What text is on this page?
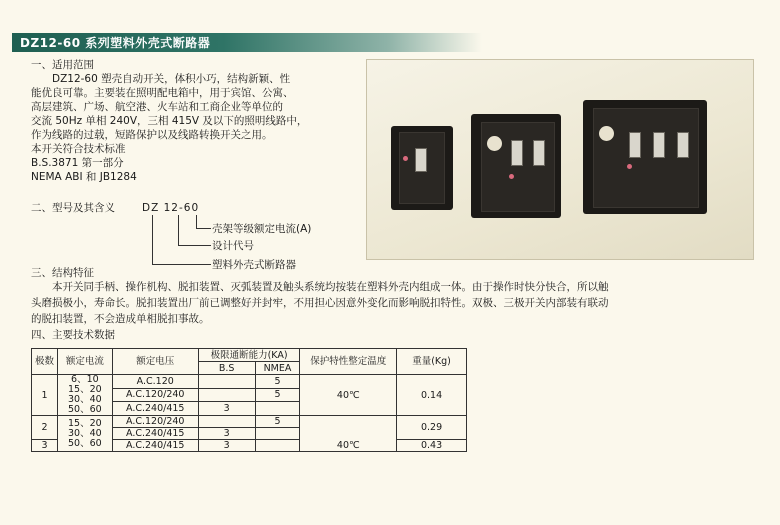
DZ12-60 系列塑料外壳式断路器
一、适用范围
　　DZ12-60 塑壳自动开关，体积小巧，结构新颖、性
能优良可靠。主要装在照明配电箱中，用于宾馆、公寓、
高层建筑、广场、航空港、火车站和工商企业等单位的
交流 50Hz 单相 240V，三相 415V 及以下的照明线路中，
作为线路的过载，短路保护以及线路转换开关之用。
本开关符合技术标准
B.S.3871 第一部分
NEMA ABI 和 JB1284
二、型号及其含义	DZ 12-60
壳架等级额定电流(A)
设计代号
塑料外壳式断路器
三、结构特征
　　本开关同手柄、操作机构、脱扣装置、灭弧装置及触头系统均按装在塑料外壳内组成一体。由于操作时快分快合，所以触
头磨损极小，寿命长。脱扣装置出厂前已调整好并封牢，不用担心因意外变化而影响脱扣特性。双极、三极开关内部装有联动
的脱扣装置，不会造成单相脱扣事故。
四、主要技术数据
极数	额定电流	额定电压	极限通断能力(KA)		保护特性整定温度	重量(Kg)
			B.S	NMEA		
1	6、10
15、20
30、40
50、60	A.C.120		5	40℃	0.14
		A.C.120/240		5		
		A.C.240/415	3			
2	15、20
30、40
50、60	A.C.120/240		5	40℃	0.29
		A.C.240/415	3			
3		A.C.240/415	3			0.43
